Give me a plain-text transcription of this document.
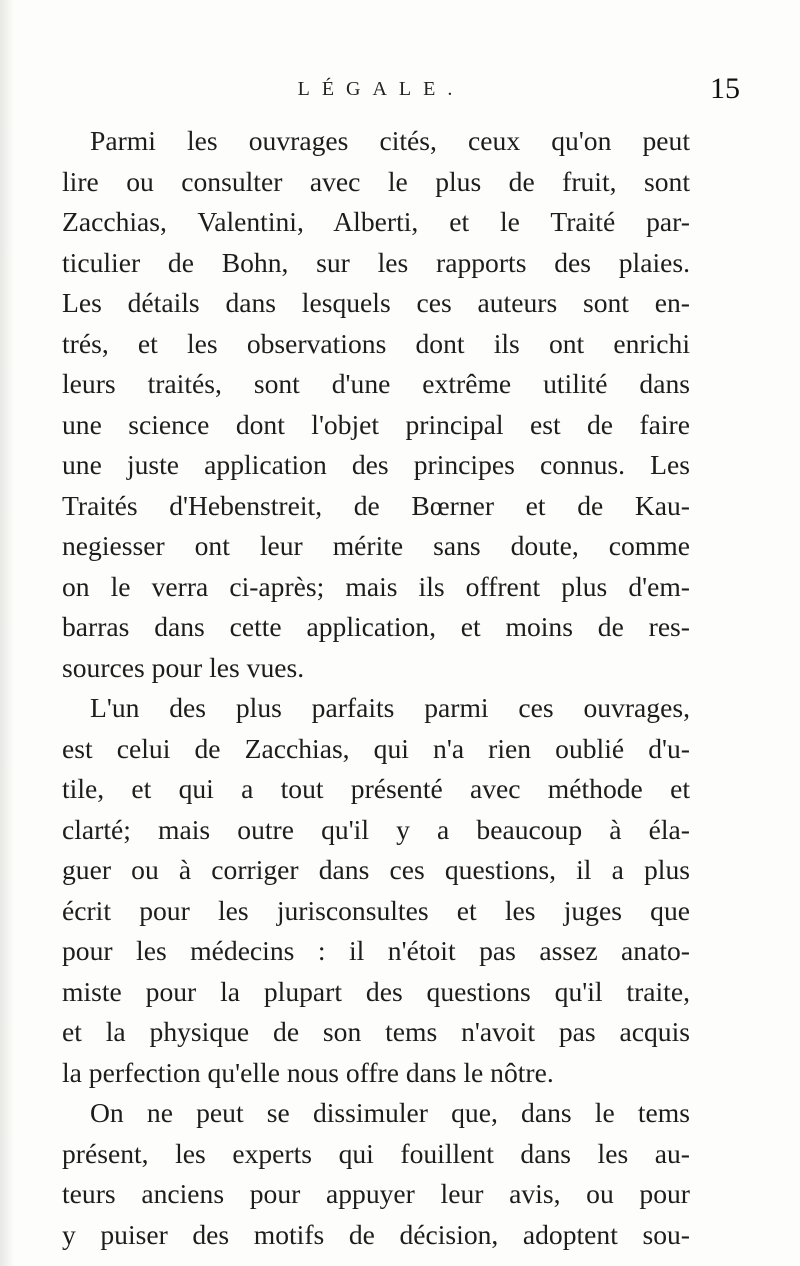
LÉGALE.	15
Parmi les ouvrages cités, ceux qu'on peut
lire ou consulter avec le plus de fruit, sont
Zacchias, Valentini, Alberti, et le Traité par-
ticulier de Bohn, sur les rapports des plaies.
Les détails dans lesquels ces auteurs sont en-
trés, et les observations dont ils ont enrichi
leurs traités, sont d'une extrême utilité dans
une science dont l'objet principal est de faire
une juste application des principes connus. Les
Traités d'Hebenstreit, de Bœrner et de Kau-
negiesser ont leur mérite sans doute, comme
on le verra ci-après; mais ils offrent plus d'em-
barras dans cette application, et moins de res-
sources pour les vues.
L'un des plus parfaits parmi ces ouvrages,
est celui de Zacchias, qui n'a rien oublié d'u-
tile, et qui a tout présenté avec méthode et
clarté; mais outre qu'il y a beaucoup à éla-
guer ou à corriger dans ces questions, il a plus
écrit pour les jurisconsultes et les juges que
pour les médecins : il n'étoit pas assez anato-
miste pour la plupart des questions qu'il traite,
et la physique de son tems n'avoit pas acquis
la perfection qu'elle nous offre dans le nôtre.
On ne peut se dissimuler que, dans le tems
présent, les experts qui fouillent dans les au-
teurs anciens pour appuyer leur avis, ou pour
y puiser des motifs de décision, adoptent sou-
